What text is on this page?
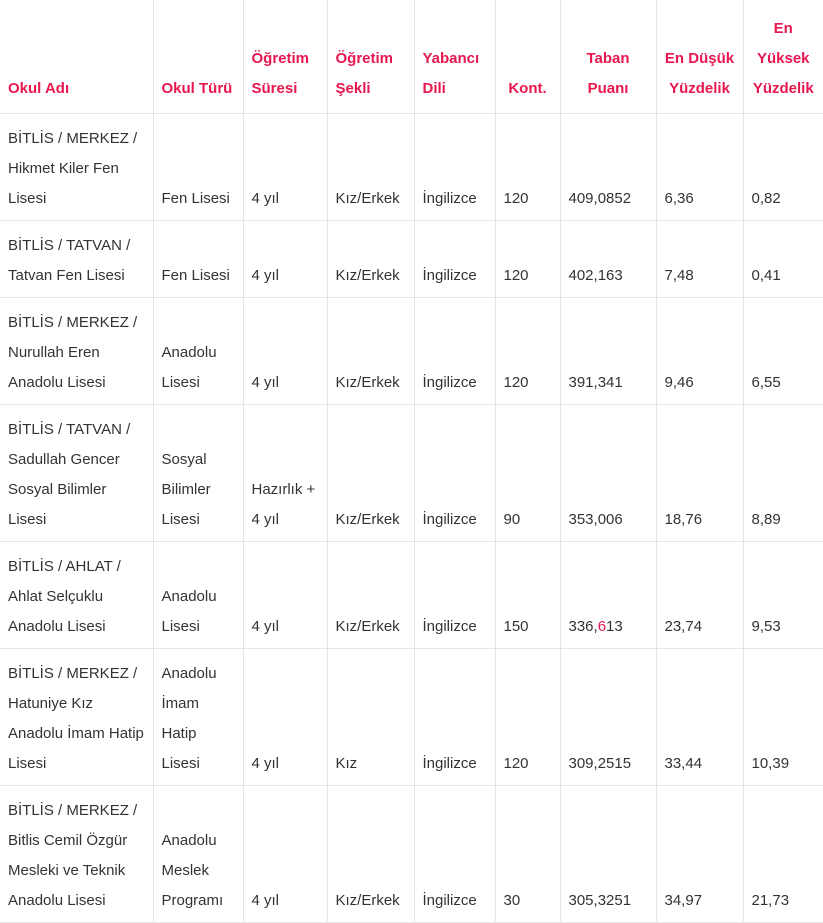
Okul Adı	Okul Türü	Öğretim Süresi	Öğretim Şekli	Yabancı Dili	Kont.	Taban Puanı	En Düşük Yüzdelik	En Yüksek Yüzdelik
BİTLİS / MERKEZ / Hikmet Kiler Fen Lisesi	Fen Lisesi	4 yıl	Kız/Erkek	İngilizce	120	409,0852	6,36	0,82
BİTLİS / TATVAN / Tatvan Fen Lisesi	Fen Lisesi	4 yıl	Kız/Erkek	İngilizce	120	402,163	7,48	0,41
BİTLİS / MERKEZ / Nurullah Eren Anadolu Lisesi	Anadolu Lisesi	4 yıl	Kız/Erkek	İngilizce	120	391,341	9,46	6,55
BİTLİS / TATVAN / Sadullah Gencer Sosyal Bilimler Lisesi	Sosyal Bilimler Lisesi	Hazırlık + 4 yıl	Kız/Erkek	İngilizce	90	353,006	18,76	8,89
BİTLİS / AHLAT / Ahlat Selçuklu Anadolu Lisesi	Anadolu Lisesi	4 yıl	Kız/Erkek	İngilizce	150	336,613	23,74	9,53
BİTLİS / MERKEZ / Hatuniye Kız Anadolu İmam Hatip Lisesi	Anadolu İmam Hatip Lisesi	4 yıl	Kız	İngilizce	120	309,2515	33,44	10,39
BİTLİS / MERKEZ / Bitlis Cemil Özgür Mesleki ve Teknik Anadolu Lisesi	Anadolu Meslek Programı	4 yıl	Kız/Erkek	İngilizce	30	305,3251	34,97	21,73
